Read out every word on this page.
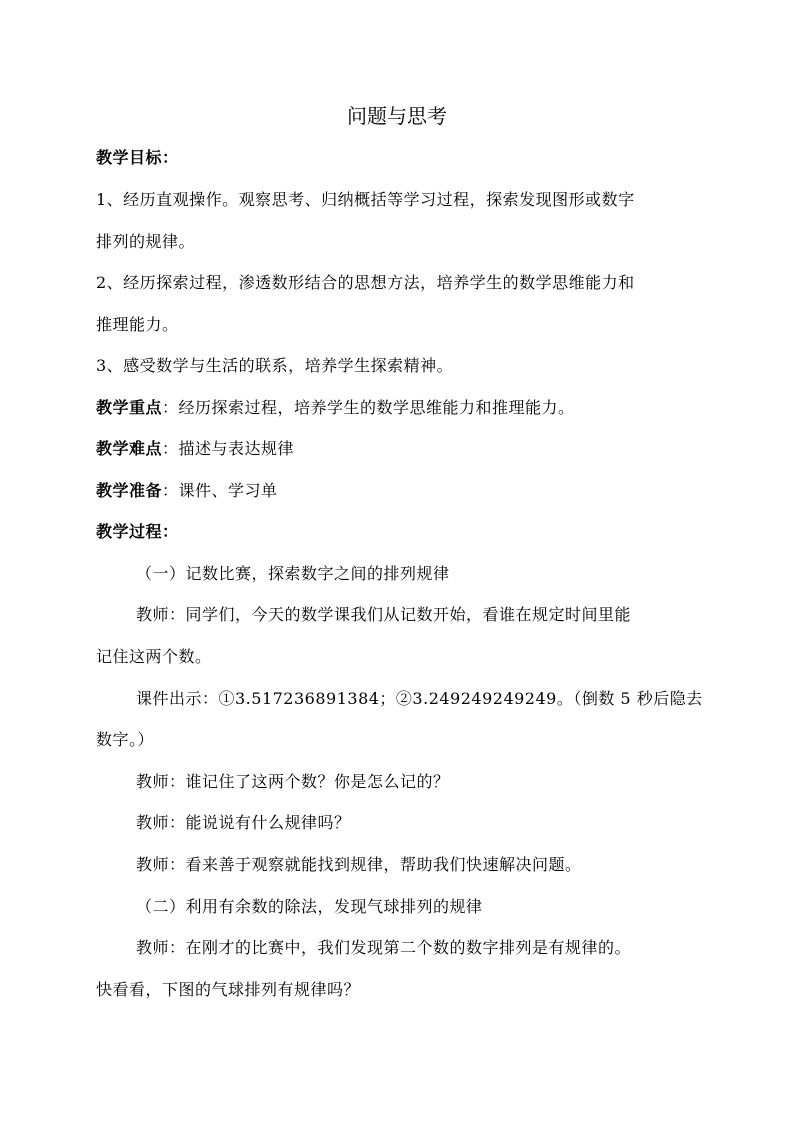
问题与思考
教学目标：
1、经历直观操作。观察思考、归纳概括等学习过程，探索发现图形或数字
排列的规律。
2、经历探索过程，渗透数形结合的思想方法，培养学生的数学思维能力和
推理能力。
3、感受数学与生活的联系，培养学生探索精神。
教学重点：经历探索过程，培养学生的数学思维能力和推理能力。
教学难点：描述与表达规律
教学准备：课件、学习单
教学过程：
（一）记数比赛，探索数字之间的排列规律
教师：同学们，今天的数学课我们从记数开始，看谁在规定时间里能
记住这两个数。
课件出示：①3.517236891384；②3.249249249249。（倒数 5 秒后隐去
数字。）
教师：谁记住了这两个数？你是怎么记的？
教师：能说说有什么规律吗？
教师：看来善于观察就能找到规律，帮助我们快速解决问题。
（二）利用有余数的除法，发现气球排列的规律
教师：在刚才的比赛中，我们发现第二个数的数字排列是有规律的。
快看看，下图的气球排列有规律吗？
